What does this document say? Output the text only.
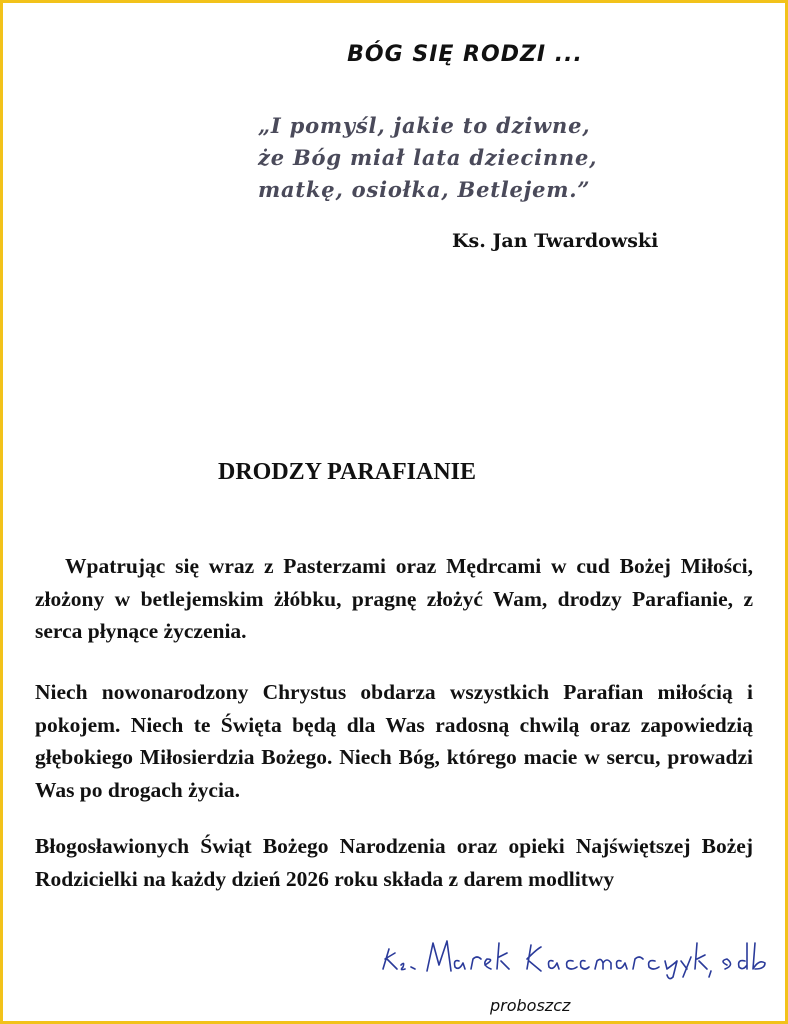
BÓG SIĘ RODZI ...
„I pomyśl, jakie to dziwne,
że Bóg miał lata dziecinne,
matkę, osiołka, Betlejem.”
Ks. Jan Twardowski
DRODZY PARAFIANIE
Wpatrując się wraz z Pasterzami oraz Mędrcami w cud Bożej Miłości, złożony w betlejemskim żłóbku, pragnę złożyć Wam, drodzy Parafianie, z serca płynące życzenia.
Niech nowonarodzony Chrystus obdarza wszystkich Parafian miłością i pokojem. Niech te Święta będą dla Was radosną chwilą oraz zapowiedzią głębokiego Miłosierdzia Bożego. Niech Bóg, którego macie w sercu, prowadzi Was po drogach życia.
Błogosławionych Świąt Bożego Narodzenia oraz opieki Najświętszej Bożej Rodzicielki na każdy dzień 2026 roku składa z darem modlitwy
proboszcz
